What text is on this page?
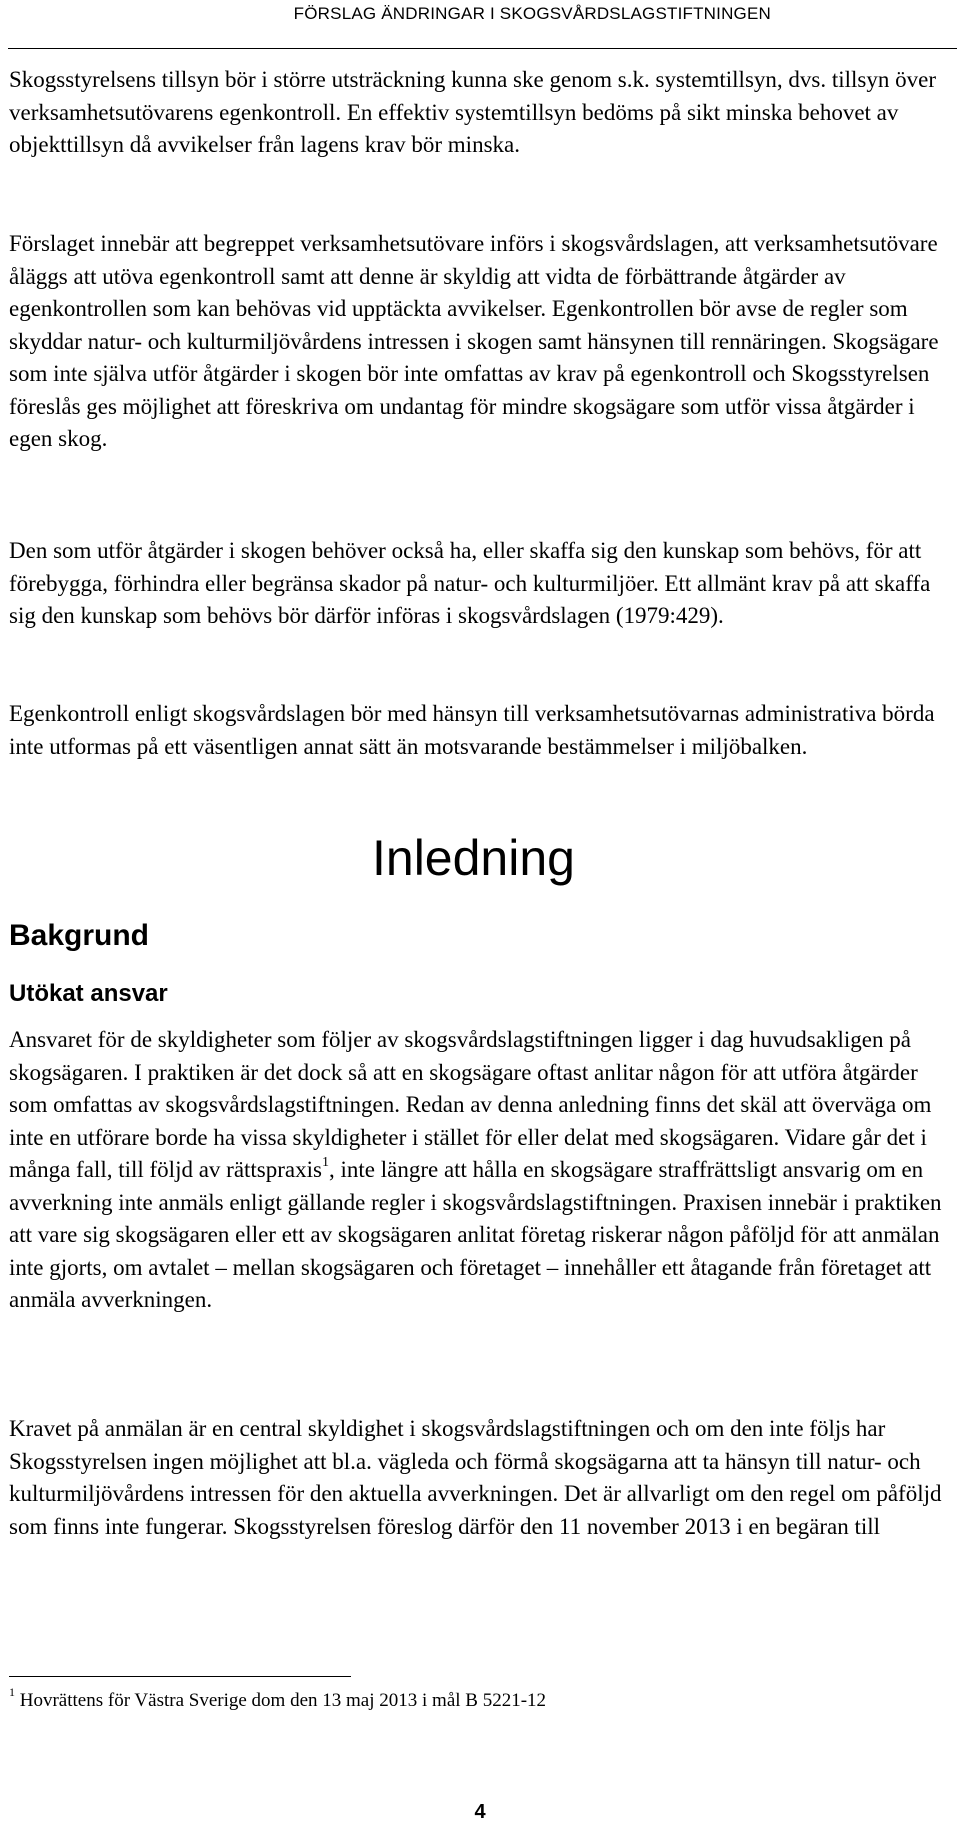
FÖRSLAG ÄNDRINGAR I SKOGSVÅRDSLAGSTIFTNINGEN

Skogsstyrelsens tillsyn bör i större utsträckning kunna ske genom s.k. systemtillsyn, dvs. tillsyn över verksamhetsutövarens egenkontroll. En effektiv systemtillsyn bedöms på sikt minska behovet av objekttillsyn då avvikelser från lagens krav bör minska.

Förslaget innebär att begreppet verksamhetsutövare införs i skogsvårdslagen, att verksamhetsutövare åläggs att utöva egenkontroll samt att denne är skyldig att vidta de förbättrande åtgärder av egenkontrollen som kan behövas vid upptäckta avvikelser. Egenkontrollen bör avse de regler som skyddar natur- och kulturmiljövårdens intressen i skogen samt hänsynen till rennäringen. Skogsägare som inte själva utför åtgärder i skogen bör inte omfattas av krav på egenkontroll och Skogsstyrelsen föreslås ges möjlighet att föreskriva om undantag för mindre skogsägare som utför vissa åtgärder i egen skog.

Den som utför åtgärder i skogen behöver också ha, eller skaffa sig den kunskap som behövs, för att förebygga, förhindra eller begränsa skador på natur- och kulturmiljöer. Ett allmänt krav på att skaffa sig den kunskap som behövs bör därför införas i skogsvårdslagen (1979:429).

Egenkontroll enligt skogsvårdslagen bör med hänsyn till verksamhetsutövarnas administrativa börda inte utformas på ett väsentligen annat sätt än motsvarande bestämmelser i miljöbalken.

Inledning
Bakgrund
Utökat ansvar

Ansvaret för de skyldigheter som följer av skogsvårdslagstiftningen ligger i dag huvudsakligen på skogsägaren. I praktiken är det dock så att en skogsägare oftast anlitar någon för att utföra åtgärder som omfattas av skogsvårdslagstiftningen. Redan av denna anledning finns det skäl att överväga om inte en utförare borde ha vissa skyldigheter i stället för eller delat med skogsägaren. Vidare går det i många fall, till följd av rättspraxis$^1$, inte längre att hålla en skogsägare straffrättsligt ansvarig om en avverkning inte anmäls enligt gällande regler i skogsvårdslagstiftningen. Praxisen innebär i praktiken att vare sig skogsägaren eller ett av skogsägaren anlitat företag riskerar någon påföljd för att anmälan inte gjorts, om avtalet – mellan skogsägaren och företaget – innehåller ett åtagande från företaget att anmäla avverkningen.

Kravet på anmälan är en central skyldighet i skogsvårdslagstiftningen och om den inte följs har Skogsstyrelsen ingen möjlighet att bl.a. vägleda och förmå skogsägarna att ta hänsyn till natur- och kulturmiljövårdens intressen för den aktuella avverkningen. Det är allvarligt om den regel om påföljd som finns inte fungerar. Skogsstyrelsen föreslog därför den 11 november 2013 i en begäran till

$^1$ Hovrättens för Västra Sverige dom den 13 maj 2013 i mål B 5221-12

4
